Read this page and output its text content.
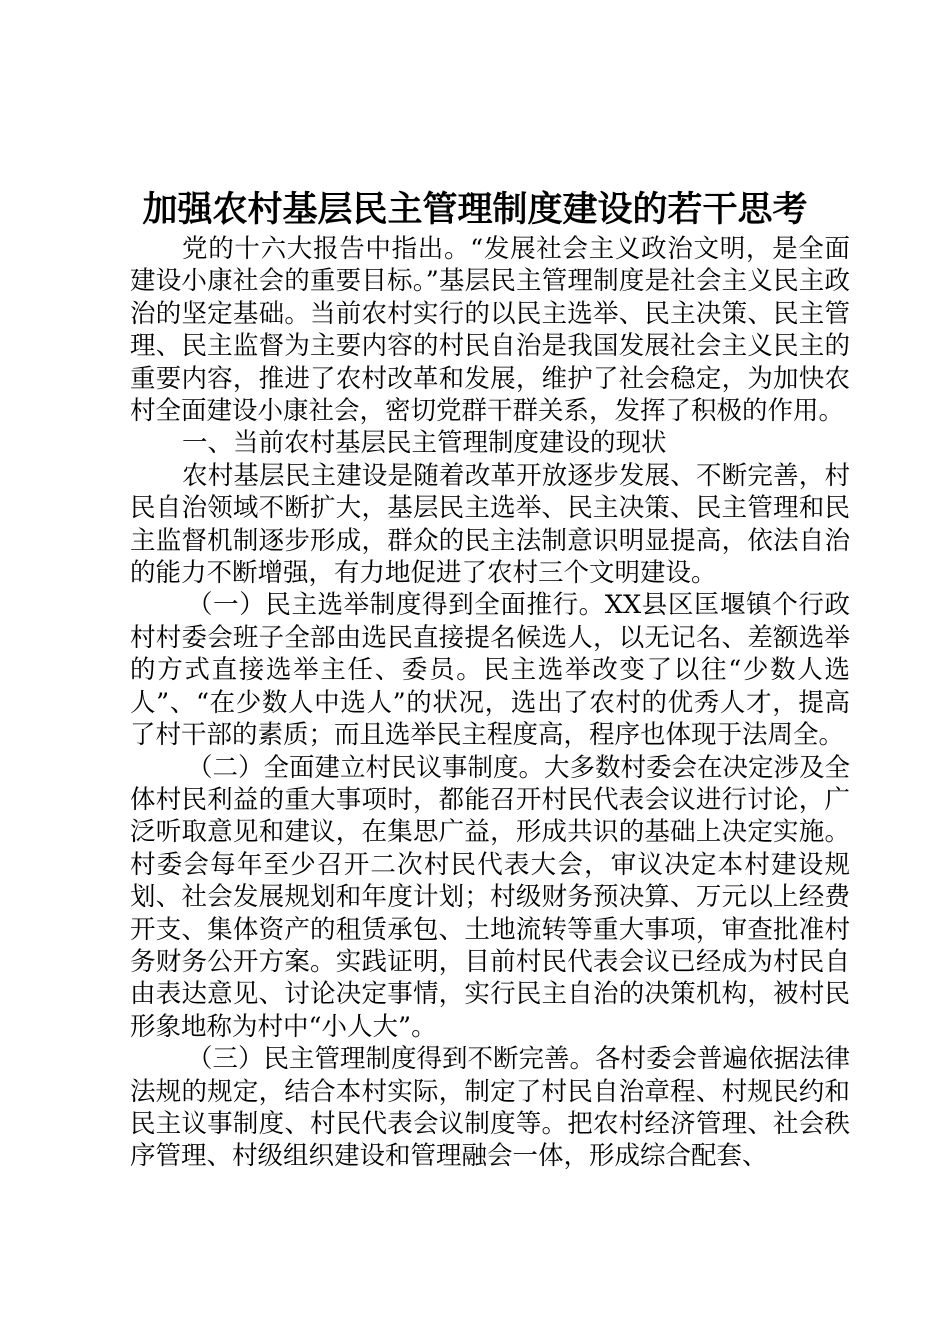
加强农村基层民主管理制度建设的若干思考

党的十六大报告中指出。“发展社会主义政治文明，是全面建设小康社会的重要目标。”基层民主管理制度是社会主义民主政治的坚定基础。当前农村实行的以民主选举、民主决策、民主管理、民主监督为主要内容的村民自治是我国发展社会主义民主的重要内容，推进了农村改革和发展，维护了社会稳定，为加快农村全面建设小康社会，密切党群干群关系，发挥了积极的作用。

一、当前农村基层民主管理制度建设的现状

农村基层民主建设是随着改革开放逐步发展、不断完善，村民自治领域不断扩大，基层民主选举、民主决策、民主管理和民主监督机制逐步形成，群众的民主法制意识明显提高，依法自治的能力不断增强，有力地促进了农村三个文明建设。

（一）民主选举制度得到全面推行。XX县区匡堰镇个行政村村委会班子全部由选民直接提名候选人，以无记名、差额选举的方式直接选举主任、委员。民主选举改变了以往“少数人选人”、“在少数人中选人”的状况，选出了农村的优秀人才，提高了村干部的素质；而且选举民主程度高，程序也体现于法周全。

（二）全面建立村民议事制度。大多数村委会在决定涉及全体村民利益的重大事项时，都能召开村民代表会议进行讨论，广泛听取意见和建议，在集思广益，形成共识的基础上决定实施。村委会每年至少召开二次村民代表大会，审议决定本村建设规划、社会发展规划和年度计划；村级财务预决算、万元以上经费开支、集体资产的租赁承包、土地流转等重大事项，审查批准村务财务公开方案。实践证明，目前村民代表会议已经成为村民自由表达意见、讨论决定事情，实行民主自治的决策机构，被村民形象地称为村中“小人大”。

（三）民主管理制度得到不断完善。各村委会普遍依据法律法规的规定，结合本村实际，制定了村民自治章程、村规民约和民主议事制度、村民代表会议制度等。把农村经济管理、社会秩序管理、村级组织建设和管理融会一体，形成综合配套、
